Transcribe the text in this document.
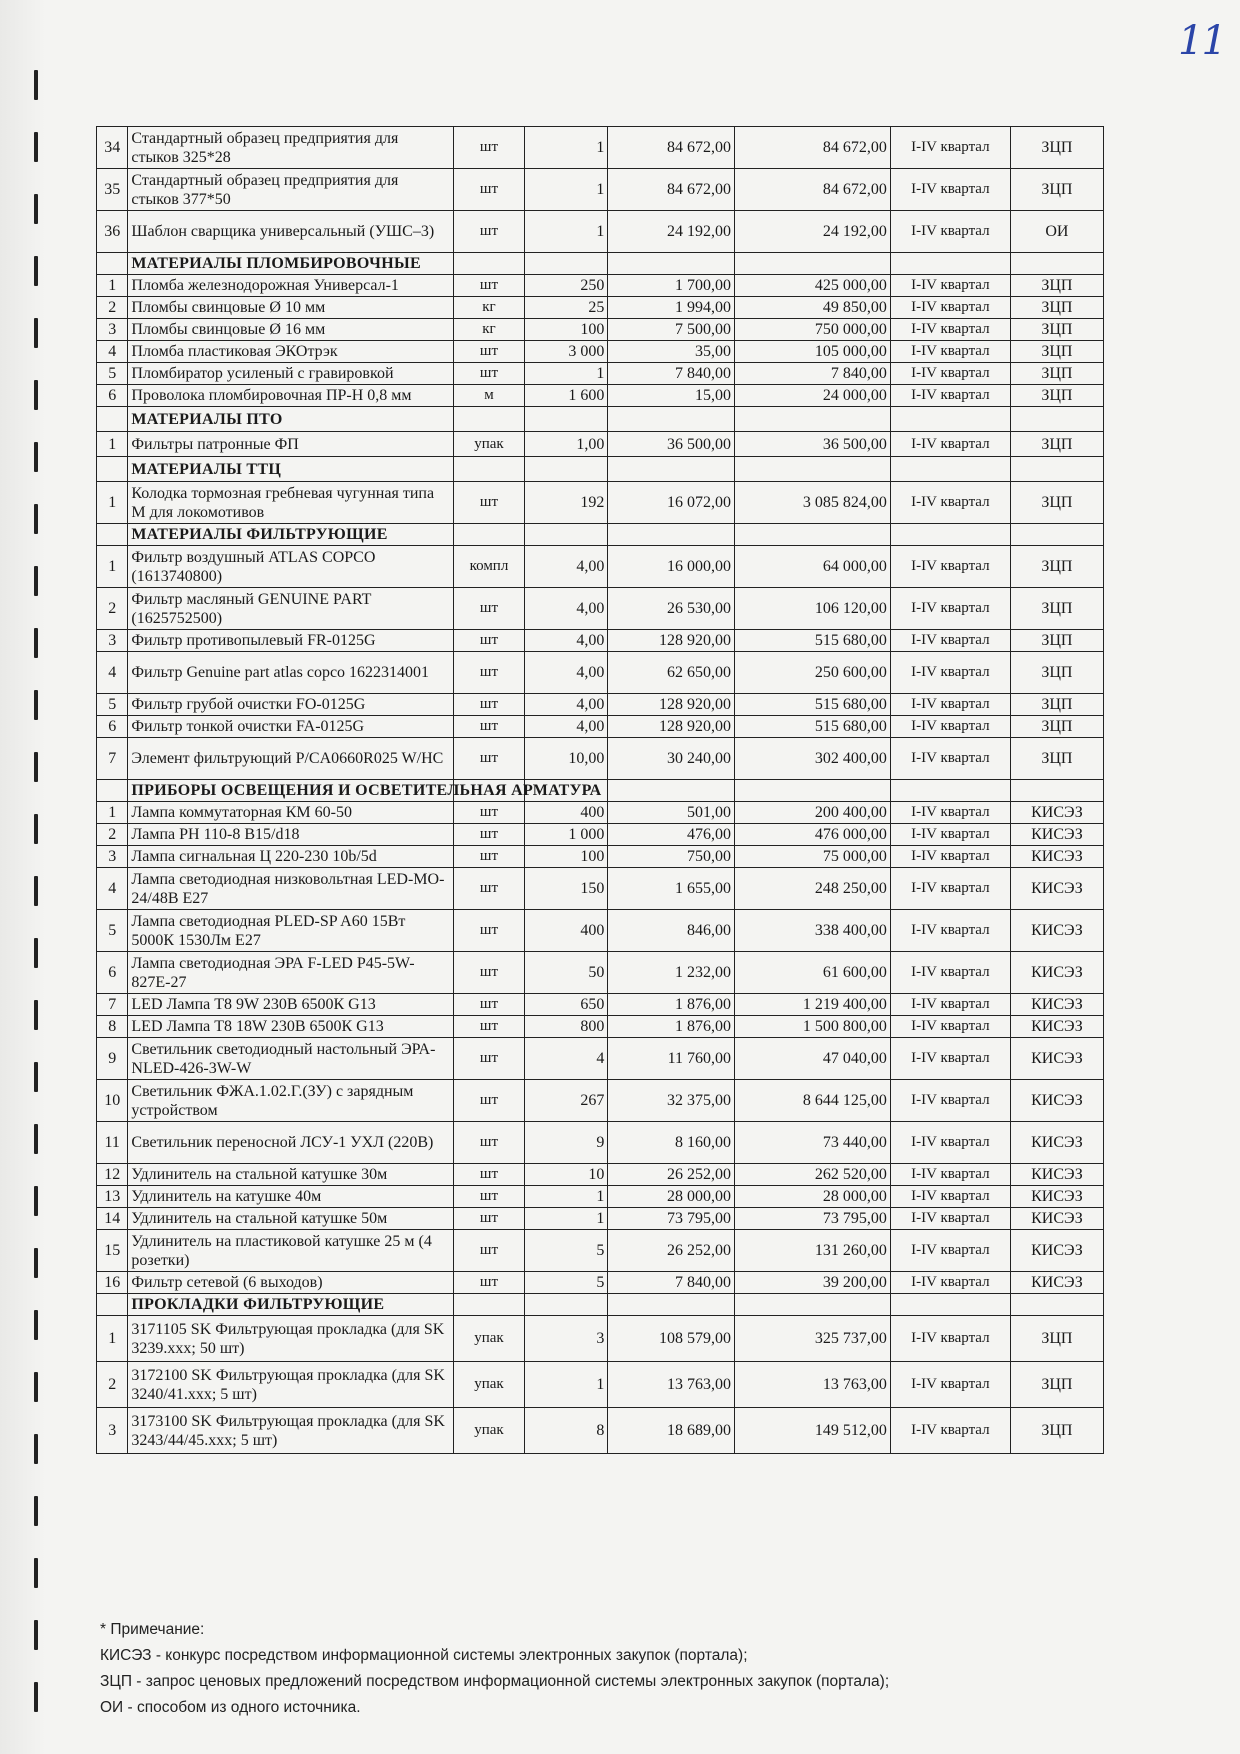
11
34	Стандартный образец предприятия для стыков 325*28	шт	1	84 672,00	84 672,00	I-IV квартал	ЗЦП
35	Стандартный образец предприятия для стыков 377*50	шт	1	84 672,00	84 672,00	I-IV квартал	ЗЦП
36	Шаблон сварщика универсальный (УШС–3)	шт	1	24 192,00	24 192,00	I-IV квартал	ОИ
	МАТЕРИАЛЫ ПЛОМБИРОВОЧНЫЕ						
1	Пломба железнодорожная Универсал-1	шт	250	1 700,00	425 000,00	I-IV квартал	ЗЦП
2	Пломбы свинцовые Ø 10 мм	кг	25	1 994,00	49 850,00	I-IV квартал	ЗЦП
3	Пломбы свинцовые Ø 16 мм	кг	100	7 500,00	750 000,00	I-IV квартал	ЗЦП
4	Пломба пластиковая ЭКОтрэк	шт	3 000	35,00	105 000,00	I-IV квартал	ЗЦП
5	Пломбиратор усиленый с гравировкой	шт	1	7 840,00	7 840,00	I-IV квартал	ЗЦП
6	Проволока пломбировочная ПР-Н 0,8 мм	м	1 600	15,00	24 000,00	I-IV квартал	ЗЦП
	МАТЕРИАЛЫ ПТО						
1	Фильтры патронные ФП	упак	1,00	36 500,00	36 500,00	I-IV квартал	ЗЦП
	МАТЕРИАЛЫ ТТЦ						
1	Колодка тормозная гребневая чугунная типа М для локомотивов	шт	192	16 072,00	3 085 824,00	I-IV квартал	ЗЦП
	МАТЕРИАЛЫ ФИЛЬТРУЮЩИЕ						
1	Фильтр воздушный ATLAS COPCO (1613740800)	компл	4,00	16 000,00	64 000,00	I-IV квартал	ЗЦП
2	Фильтр масляный GENUINE PART (1625752500)	шт	4,00	26 530,00	106 120,00	I-IV квартал	ЗЦП
3	Фильтр противопылевый FR-0125G	шт	4,00	128 920,00	515 680,00	I-IV квартал	ЗЦП
4	Фильтр Genuine part atlas copco 1622314001	шт	4,00	62 650,00	250 600,00	I-IV квартал	ЗЦП
5	Фильтр грубой очистки FO-0125G	шт	4,00	128 920,00	515 680,00	I-IV квартал	ЗЦП
6	Фильтр тонкой очистки FA-0125G	шт	4,00	128 920,00	515 680,00	I-IV квартал	ЗЦП
7	Элемент фильтрующий P/CA0660R025 W/HC	шт	10,00	30 240,00	302 400,00	I-IV квартал	ЗЦП
	ПРИБОРЫ ОСВЕЩЕНИЯ И ОСВЕТИТЕЛЬНАЯ АРМАТУРА						
1	Лампа коммутаторная КМ 60-50	шт	400	501,00	200 400,00	I-IV квартал	КИСЭЗ
2	Лампа РН 110-8 В15/d18	шт	1 000	476,00	476 000,00	I-IV квартал	КИСЭЗ
3	Лампа сигнальная Ц 220-230 10b/5d	шт	100	750,00	75 000,00	I-IV квартал	КИСЭЗ
4	Лампа светодиодная низковольтная LED-MO-24/48В Е27	шт	150	1 655,00	248 250,00	I-IV квартал	КИСЭЗ
5	Лампа светодиодная PLED-SP A60 15Вт 5000К 1530Лм Е27	шт	400	846,00	338 400,00	I-IV квартал	КИСЭЗ
6	Лампа светодиодная ЭРА F-LED P45-5W-827E-27	шт	50	1 232,00	61 600,00	I-IV квартал	КИСЭЗ
7	LED Лампа Т8 9W 230В 6500К G13	шт	650	1 876,00	1 219 400,00	I-IV квартал	КИСЭЗ
8	LED Лампа Т8 18W 230В 6500К G13	шт	800	1 876,00	1 500 800,00	I-IV квартал	КИСЭЗ
9	Светильник светодиодный настольный ЭРА-NLED-426-3W-W	шт	4	11 760,00	47 040,00	I-IV квартал	КИСЭЗ
10	Светильник ФЖА.1.02.Г.(ЗУ) с зарядным устройством	шт	267	32 375,00	8 644 125,00	I-IV квартал	КИСЭЗ
11	Светильник переносной ЛСУ-1 УХЛ (220В)	шт	9	8 160,00	73 440,00	I-IV квартал	КИСЭЗ
12	Удлинитель на стальной катушке 30м	шт	10	26 252,00	262 520,00	I-IV квартал	КИСЭЗ
13	Удлинитель на катушке 40м	шт	1	28 000,00	28 000,00	I-IV квартал	КИСЭЗ
14	Удлинитель на стальной катушке 50м	шт	1	73 795,00	73 795,00	I-IV квартал	КИСЭЗ
15	Удлинитель на пластиковой катушке 25 м (4 розетки)	шт	5	26 252,00	131 260,00	I-IV квартал	КИСЭЗ
16	Фильтр сетевой (6 выходов)	шт	5	7 840,00	39 200,00	I-IV квартал	КИСЭЗ
	ПРОКЛАДКИ ФИЛЬТРУЮЩИЕ						
1	3171105 SK Фильтрующая прокладка (для SK 3239.xxx; 50 шт)	упак	3	108 579,00	325 737,00	I-IV квартал	ЗЦП
2	3172100 SK Фильтрующая прокладка (для SK 3240/41.xxx; 5 шт)	упак	1	13 763,00	13 763,00	I-IV квартал	ЗЦП
3	3173100 SK Фильтрующая прокладка (для SK 3243/44/45.xxx; 5 шт)	упак	8	18 689,00	149 512,00	I-IV квартал	ЗЦП
* Примечание:
КИСЭЗ - конкурс посредством информационной системы электронных закупок (портала);
ЗЦП - запрос ценовых предложений посредством информационной системы электронных закупок (портала);
ОИ - способом из одного источника.
